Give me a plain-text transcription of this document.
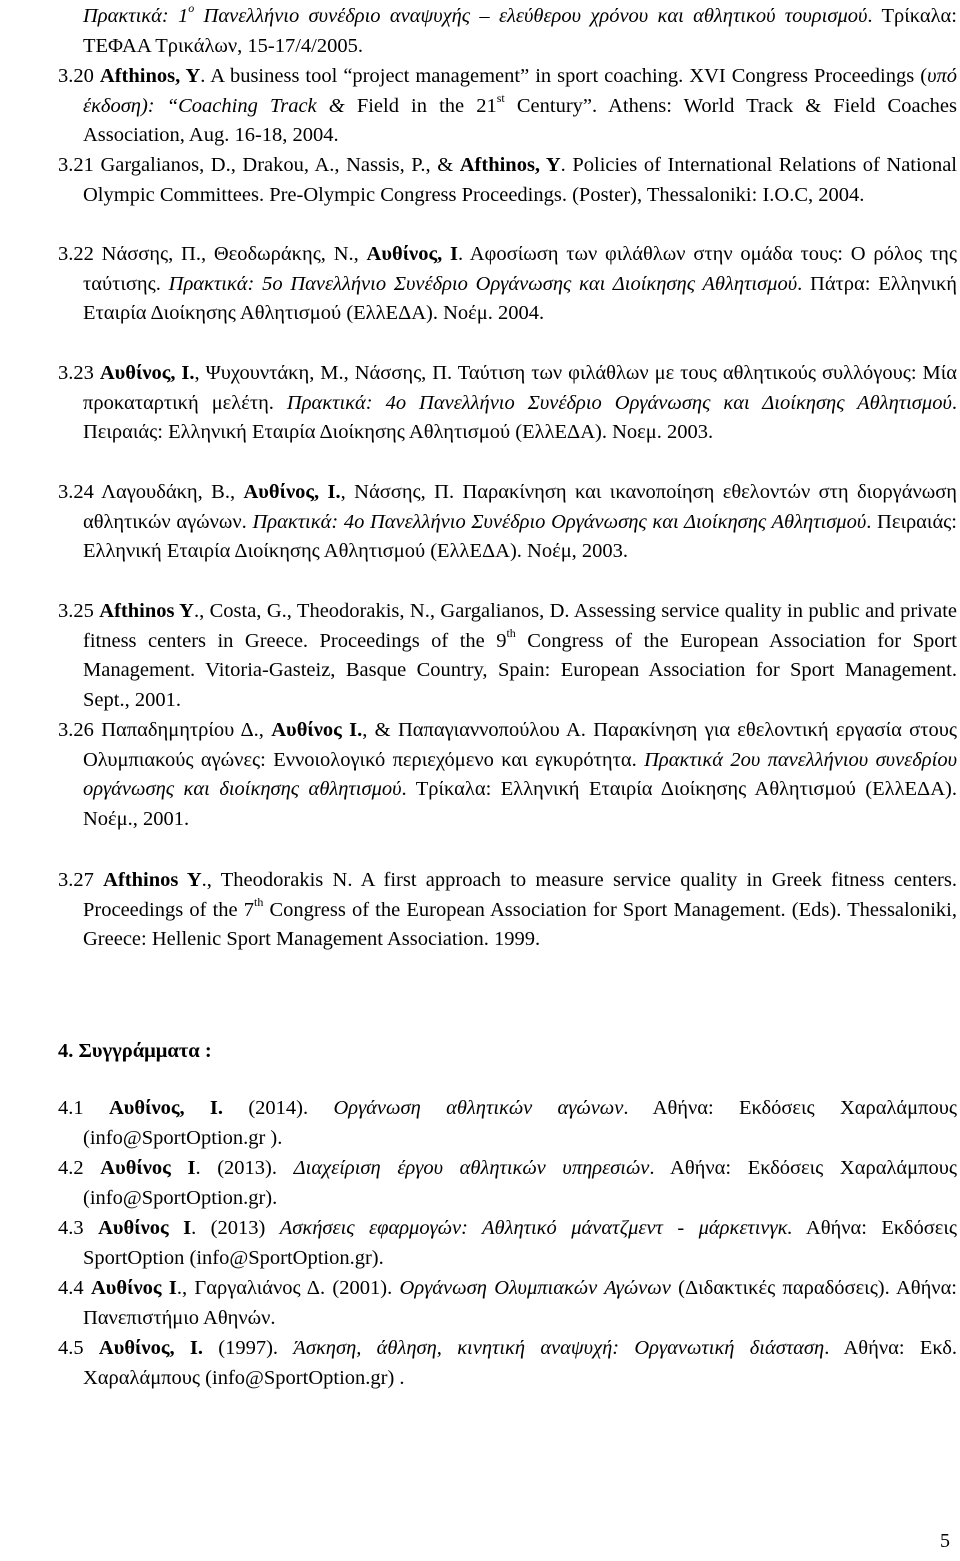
Πρακτικά: $1^o$ Πανελλήνιο συνέδριο αναψυχής – ελεύθερου χρόνου και αθλητικού τουρισμού. Τρίκαλα: ΤΕΦΑΑ Τρικάλων, 15-17/4/2005.

3.20 Afthinos, Y. A business tool “project management” in sport coaching. XVI Congress Proceedings (υπό έκδοση): “Coaching Track & Field in the 21st Century”. Athens: World Track & Field Coaches Association, Aug. 16-18, 2004.

3.21 Gargalianos, D., Drakou, A., Nassis, P., & Afthinos, Y. Policies of International Relations of National Olympic Committees. Pre-Olympic Congress Proceedings. (Poster), Thessaloniki: I.O.C, 2004.

3.22 Νάσσης, Π., Θεοδωράκης, Ν., Αυθίνος, Ι. Αφοσίωση των φιλάθλων στην ομάδα τους: Ο ρόλος της ταύτισης. Πρακτικά: 5ο Πανελλήνιο Συνέδριο Οργάνωσης και Διοίκησης Αθλητισμού. Πάτρα: Ελληνική Εταιρία Διοίκησης Αθλητισμού (ΕλλΕΔΑ). Νοέμ. 2004.

3.23 Αυθίνος, Ι., Ψυχουντάκη, Μ., Νάσσης, Π. Ταύτιση των φιλάθλων με τους αθλητικούς συλλόγους: Μία προκαταρτική μελέτη. Πρακτικά: 4ο Πανελλήνιο Συνέδριο Οργάνωσης και Διοίκησης Αθλητισμού. Πειραιάς: Ελληνική Εταιρία Διοίκησης Αθλητισμού (ΕλλΕΔΑ). Νοεμ. 2003.

3.24 Λαγουδάκη, Β., Αυθίνος, Ι., Νάσσης, Π. Παρακίνηση και ικανοποίηση εθελοντών στη διοργάνωση αθλητικών αγώνων. Πρακτικά: 4ο Πανελλήνιο Συνέδριο Οργάνωσης και Διοίκησης Αθλητισμού. Πειραιάς: Ελληνική Εταιρία Διοίκησης Αθλητισμού (ΕλλΕΔΑ). Νοέμ, 2003.

3.25 Afthinos Y., Costa, G., Theodorakis, N., Gargalianos, D. Assessing service quality in public and private fitness centers in Greece. Proceedings of the 9th Congress of the European Association for Sport Management. Vitoria-Gasteiz, Basque Country, Spain: European Association for Sport Management. Sept., 2001.

3.26 Παπαδημητρίου Δ., Αυθίνος Ι., & Παπαγιαννοπούλου Α. Παρακίνηση για εθελοντική εργασία στους Ολυμπιακούς αγώνες: Εννοιολογικό περιεχόμενο και εγκυρότητα. Πρακτικά 2ου πανελλήνιου συνεδρίου οργάνωσης και διοίκησης αθλητισμού. Τρίκαλα: Ελληνική Εταιρία Διοίκησης Αθλητισμού (ΕλλΕΔΑ). Νοέμ., 2001.

3.27 Afthinos Y., Theodorakis N. A first approach to measure service quality in Greek fitness centers. Proceedings of the 7th Congress of the European Association for Sport Management. (Eds). Thessaloniki, Greece: Hellenic Sport Management Association. 1999.

4. Συγγράμματα :

4.1 Αυθίνος, Ι. (2014). Οργάνωση αθλητικών αγώνων. Αθήνα: Εκδόσεις Χαραλάμπους (info@SportOption.gr ).

4.2 Αυθίνος Ι. (2013). Διαχείριση έργου αθλητικών υπηρεσιών. Αθήνα: Εκδόσεις Χαραλάμπους (info@SportOption.gr).

4.3 Αυθίνος Ι. (2013) Ασκήσεις εφαρμογών: Αθλητικό μάνατζμεντ - μάρκετινγκ. Αθήνα: Εκδόσεις SportOption (info@SportOption.gr).

4.4 Αυθίνος Ι., Γαργαλιάνος Δ. (2001). Οργάνωση Ολυμπιακών Αγώνων (Διδακτικές παραδόσεις). Αθήνα: Πανεπιστήμιο Αθηνών.

4.5 Αυθίνος, Ι. (1997). Άσκηση, άθληση, κινητική αναψυχή: Οργανωτική διάσταση. Αθήνα: Εκδ. Χαραλάμπους (info@SportOption.gr) .

5
